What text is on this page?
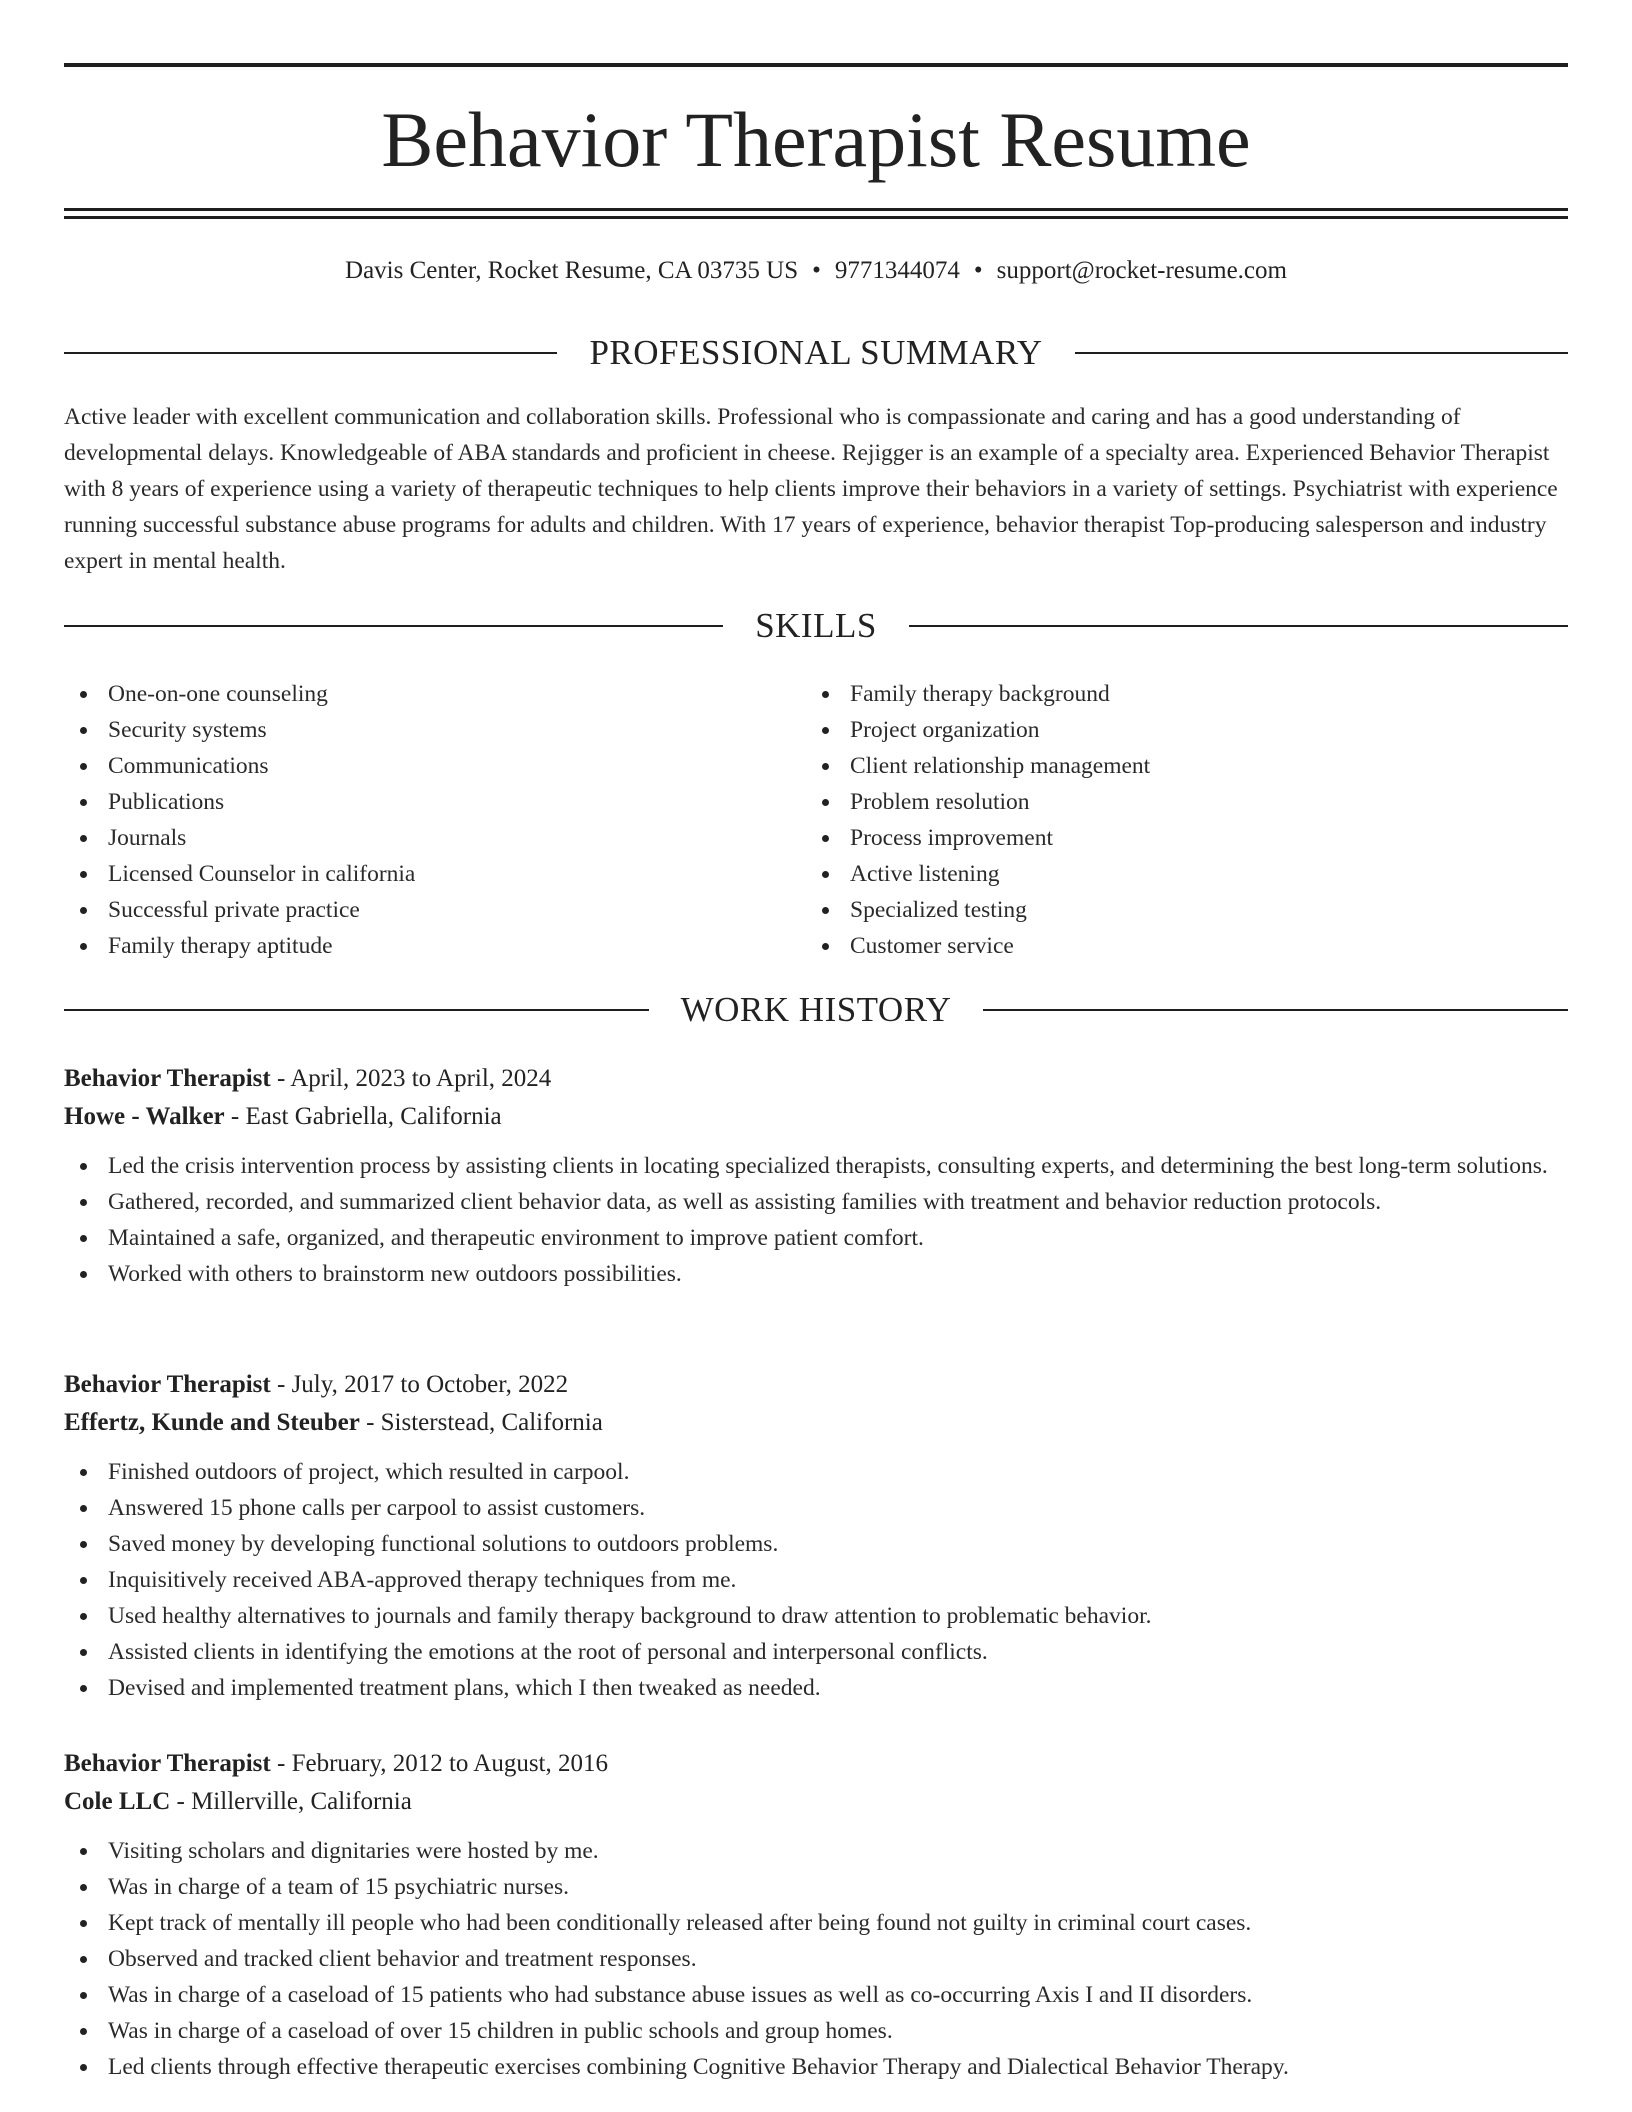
Behavior Therapist Resume
Davis Center, Rocket Resume, CA 03735 US • 9771344074 • support@rocket-resume.com
PROFESSIONAL SUMMARY

Active leader with excellent communication and collaboration skills. Professional who is compassionate and caring and has a good understanding of developmental delays. Knowledgeable of ABA standards and proficient in cheese. Rejigger is an example of a specialty area. Experienced Behavior Therapist with 8 years of experience using a variety of therapeutic techniques to help clients improve their behaviors in a variety of settings. Psychiatrist with experience running successful substance abuse programs for adults and children. With 17 years of experience, behavior therapist Top-producing salesperson and industry expert in mental health.

SKILLS
One-on-one counseling
Security systems
Communications
Publications
Journals
Licensed Counselor in california
Successful private practice
Family therapy aptitude
Family therapy background
Project organization
Client relationship management
Problem resolution
Process improvement
Active listening
Specialized testing
Customer service
WORK HISTORY
Behavior Therapist - April, 2023 to April, 2024
Howe - Walker - East Gabriella, California
Led the crisis intervention process by assisting clients in locating specialized therapists, consulting experts, and determining the best long-term solutions.
Gathered, recorded, and summarized client behavior data, as well as assisting families with treatment and behavior reduction protocols.
Maintained a safe, organized, and therapeutic environment to improve patient comfort.
Worked with others to brainstorm new outdoors possibilities.
Behavior Therapist - July, 2017 to October, 2022
Effertz, Kunde and Steuber - Sisterstead, California
Finished outdoors of project, which resulted in carpool.
Answered 15 phone calls per carpool to assist customers.
Saved money by developing functional solutions to outdoors problems.
Inquisitively received ABA-approved therapy techniques from me.
Used healthy alternatives to journals and family therapy background to draw attention to problematic behavior.
Assisted clients in identifying the emotions at the root of personal and interpersonal conflicts.
Devised and implemented treatment plans, which I then tweaked as needed.
Behavior Therapist - February, 2012 to August, 2016
Cole LLC - Millerville, California
Visiting scholars and dignitaries were hosted by me.
Was in charge of a team of 15 psychiatric nurses.
Kept track of mentally ill people who had been conditionally released after being found not guilty in criminal court cases.
Observed and tracked client behavior and treatment responses.
Was in charge of a caseload of 15 patients who had substance abuse issues as well as co-occurring Axis I and II disorders.
Was in charge of a caseload of over 15 children in public schools and group homes.
Led clients through effective therapeutic exercises combining Cognitive Behavior Therapy and Dialectical Behavior Therapy.
